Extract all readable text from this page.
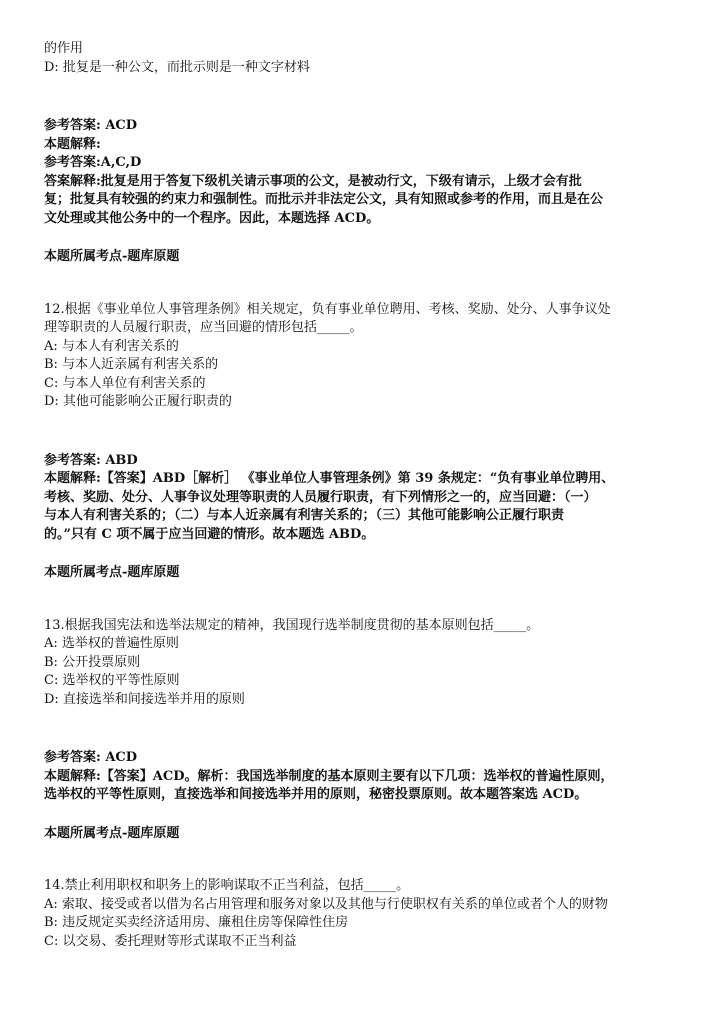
的作用
D: 批复是一种公文，而批示则是一种文字材料
参考答案: ACD
本题解释:
参考答案:A,C,D
答案解释:批复是用于答复下级机关请示事项的公文，是被动行文，下级有请示，上级才会有批
复；批复具有较强的约束力和强制性。而批示并非法定公文，具有知照或参考的作用，而且是在公
文处理或其他公务中的一个程序。因此，本题选择 ACD。
本题所属考点-题库原题
12.根据《事业单位人事管理条例》相关规定，负有事业单位聘用、考核、奖励、处分、人事争议处
理等职责的人员履行职责，应当回避的情形包括_____。
A: 与本人有利害关系的
B: 与本人近亲属有利害关系的
C: 与本人单位有利害关系的
D: 其他可能影响公正履行职责的
参考答案: ABD
本题解释:【答案】ABD［解析］ 《事业单位人事管理条例》第 39 条规定：“负有事业单位聘用、
考核、奖励、处分、人事争议处理等职责的人员履行职责，有下列情形之一的，应当回避：（一）
与本人有利害关系的；（二）与本人近亲属有利害关系的；（三）其他可能影响公正履行职责
的。”只有 C 项不属于应当回避的情形。故本题选 ABD。
本题所属考点-题库原题
13.根据我国宪法和选举法规定的精神，我国现行选举制度贯彻的基本原则包括_____。
A: 选举权的普遍性原则
B: 公开投票原则
C: 选举权的平等性原则
D: 直接选举和间接选举并用的原则
参考答案: ACD
本题解释:【答案】ACD。解析：我国选举制度的基本原则主要有以下几项：选举权的普遍性原则，
选举权的平等性原则，直接选举和间接选举并用的原则，秘密投票原则。故本题答案选 ACD。
本题所属考点-题库原题
14.禁止利用职权和职务上的影响谋取不正当利益，包括_____。
A: 索取、接受或者以借为名占用管理和服务对象以及其他与行使职权有关系的单位或者个人的财物
B: 违反规定买卖经济适用房、廉租住房等保障性住房
C: 以交易、委托理财等形式谋取不正当利益
